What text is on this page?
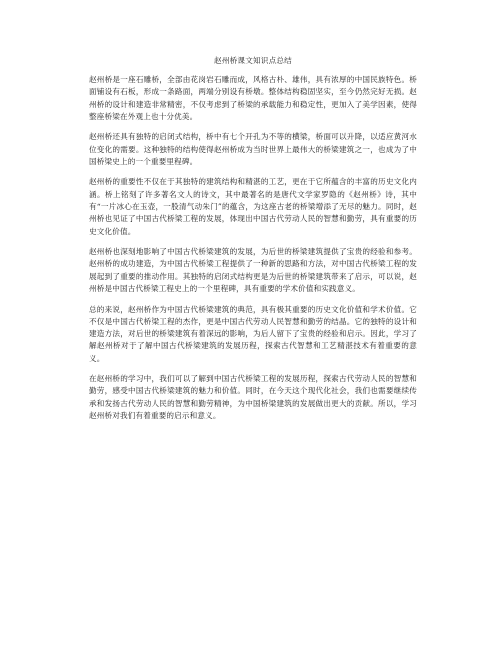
赵州桥课文知识点总结

赵州桥是一座石雕桥，全部由花岗岩石雕而成，风格古朴、雄伟，具有浓厚的中国民族特色。桥面铺设有石板，形成一条路面，两端分别设有桥墩。整体结构稳固坚实，至今仍然完好无损。赵州桥的设计和建造非常精密，不仅考虑到了桥梁的承载能力和稳定性，更加入了美学因素，使得整座桥梁在外观上也十分优美。

赵州桥还具有独特的启闭式结构，桥中有七个开孔为不等的横梁，桥面可以升降，以适应黄河水位变化的需要。这种独特的结构使得赵州桥成为当时世界上最伟大的桥梁建筑之一，也成为了中国桥梁史上的一个重要里程碑。

赵州桥的重要性不仅在于其独特的建筑结构和精湛的工艺，更在于它所蕴含的丰富的历史文化内涵。桥上铭刻了许多著名文人的诗文，其中最著名的是唐代文学家罗隐的《赵州桥》诗，其中有“一片冰心在玉壶，一股清气动朱门”的蕴含，为这座古老的桥梁增添了无尽的魅力。同时，赵州桥也见证了中国古代桥梁工程的发展，体现出中国古代劳动人民的智慧和勤劳，具有重要的历史文化价值。

赵州桥也深刻地影响了中国古代桥梁建筑的发展，为后世的桥梁建筑提供了宝贵的经验和参考。赵州桥的成功建造，为中国古代桥梁工程提供了一种新的思路和方法，对中国古代桥梁工程的发展起到了重要的推动作用。其独特的启闭式结构更是为后世的桥梁建筑带来了启示，可以说，赵州桥是中国古代桥梁工程史上的一个里程碑，具有重要的学术价值和实践意义。

总的来说，赵州桥作为中国古代桥梁建筑的典范，具有极其重要的历史文化价值和学术价值。它不仅是中国古代桥梁工程的杰作，更是中国古代劳动人民智慧和勤劳的结晶。它的独特的设计和建造方法，对后世的桥梁建筑有着深远的影响，为后人留下了宝贵的经验和启示。因此，学习了解赵州桥对于了解中国古代桥梁建筑的发展历程，探索古代智慧和工艺精湛技术有着重要的意义。

在赵州桥的学习中，我们可以了解到中国古代桥梁工程的发展历程，探索古代劳动人民的智慧和勤劳，感受中国古代桥梁建筑的魅力和价值。同时，在今天这个现代化社会，我们也需要继续传承和发扬古代劳动人民的智慧和勤劳精神，为中国桥梁建筑的发展做出更大的贡献。所以，学习赵州桥对我们有着重要的启示和意义。
